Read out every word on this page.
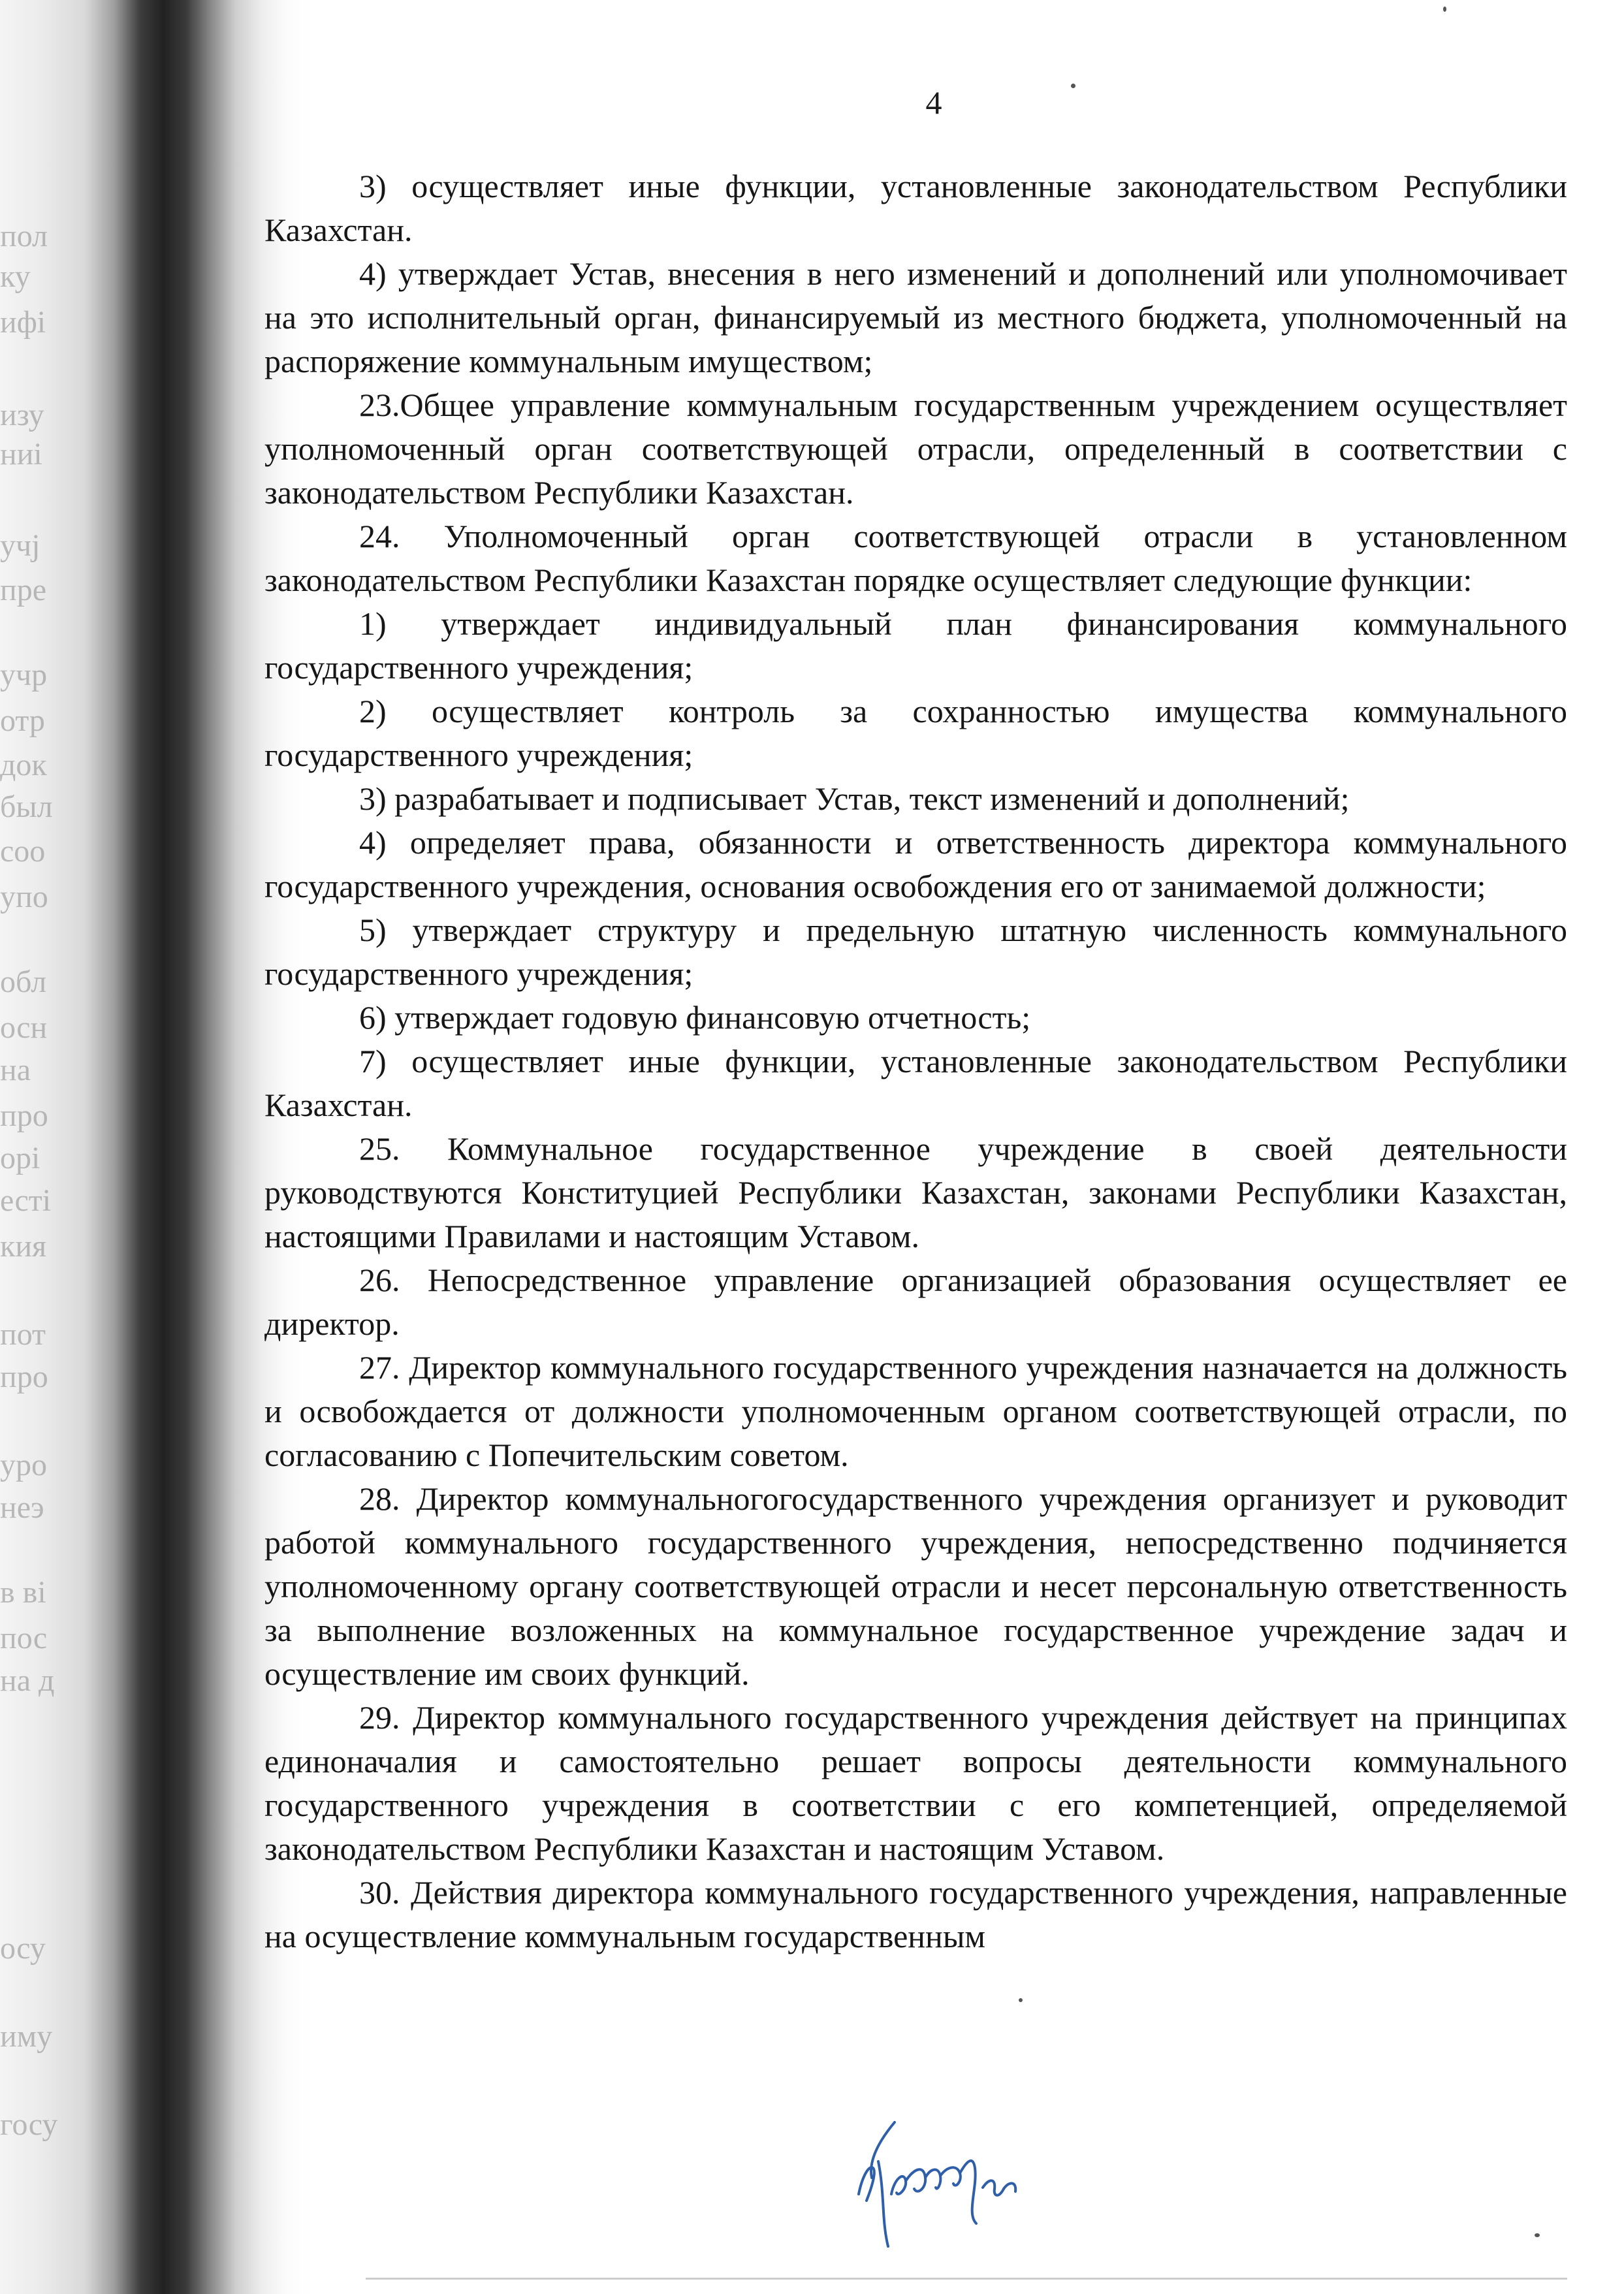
пол
ку
ифі
изу
ниі
учј
пре
учр
отр
док
был
coo
упо
обл
осн
на
про
орі
есті
кия
пот
про
уро
неэ
в ві
пос
на д
осу
иму
госу
4

3) осуществляет иные функции, установленные законодательством Республики Казахстан.

4) утверждает Устав, внесения в него изменений и дополнений или уполномочивает на это исполнительный орган, финансируемый из местного бюджета, уполномоченный на распоряжение коммунальным имуществом;

23.Общее управление коммунальным государственным учреждением осуществляет уполномоченный орган соответствующей отрасли, определенный в соответствии с законодательством Республики Казахстан.

24. Уполномоченный орган соответствующей отрасли в установленном законодательством Республики Казахстан порядке осуществляет следующие функции:

1) утверждает индивидуальный план финансирования коммунального государственного учреждения;

2) осуществляет контроль за сохранностью имущества коммунального государственного учреждения;

3) разрабатывает и подписывает Устав, текст изменений и дополнений;

4) определяет права, обязанности и ответственность директора коммунального государственного учреждения, основания освобождения его от занимаемой должности;

5) утверждает структуру и предельную штатную численность коммунального государственного учреждения;

6) утверждает годовую финансовую отчетность;

7) осуществляет иные функции, установленные законодательством Республики Казахстан.

25. Коммунальное государственное учреждение в своей деятельности руководствуются Конституцией Республики Казахстан, законами Республики Казахстан, настоящими Правилами и настоящим Уставом.

26. Непосредственное управление организацией образования осуществляет ее директор.

27. Директор коммунального государственного учреждения назначается на должность и освобождается от должности уполномоченным органом соответствующей отрасли, по согласованию с Попечительским советом.

28. Директор коммунальногогосударственного учреждения организует и руководит работой коммунального государственного учреждения, непосредственно подчиняется уполномоченному органу соответствующей отрасли и несет персональную ответственность за выполнение возложенных на коммунальное государственное учреждение задач и осуществление им своих функций.

29. Директор коммунального государственного учреждения действует на принципах единоначалия и самостоятельно решает вопросы деятельности коммунального государственного учреждения в соответствии с его компетенцией, определяемой законодательством Республики Казахстан и настоящим Уставом.

30. Действия директора коммунального государственного учреждения, направленные на осуществление коммунальным государственным
